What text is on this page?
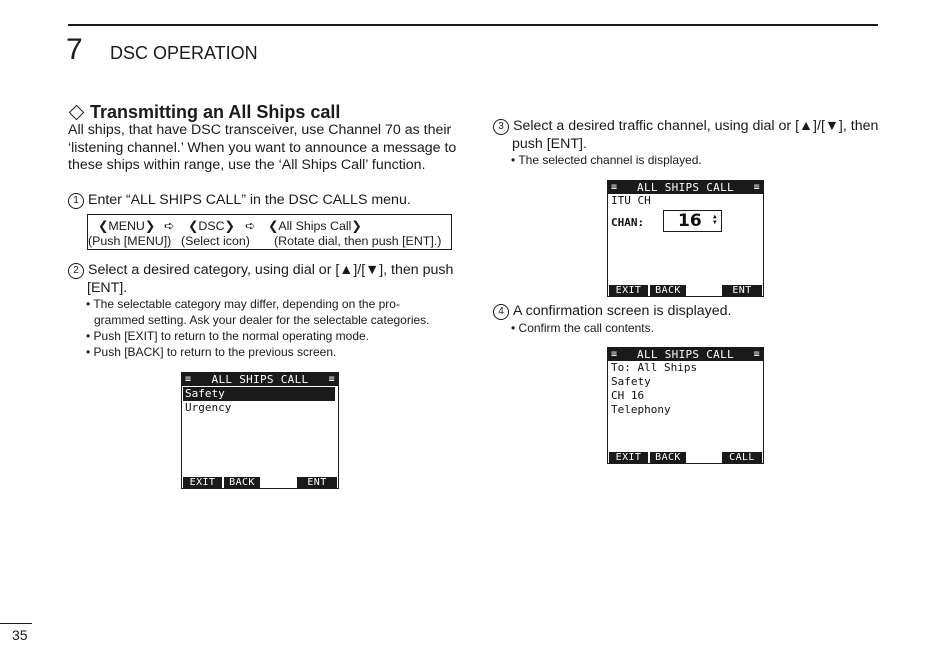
7 DSC OPERATION
Transmitting an All Ships call
All ships, that have DSC transceiver, use Channel 70 as their
‘listening channel.’ When you want to announce a message to
these ships within range, use the ‘All Ships Call’ function.
1 Enter “ALL SHIPS CALL” in the DSC CALLS menu.
❮MENU❯ ➪ ❮DSC❯ ➪ ❮All Ships Call❯
(Push [MENU]) (Select icon) (Rotate dial, then push [ENT].)
2 Select a desired category, using dial or [▲]/[▼], then push
[ENT].
• The selectable category may differ, depending on the pro-
grammed setting. Ask your dealer for the selectable categories.
• Push [EXIT] to return to the normal operating mode.
• Push [BACK] to return to the previous screen.
≡ ALL SHIPS CALL ≡
Safety
Urgency
EXIT	BACK	ENT
3 Select a desired traffic channel, using dial or [▲]/[▼], then
push [ENT].
• The selected channel is displayed.
≡ ALL SHIPS CALL ≡
ITU CH
CHAN: 16 ▲▼
EXIT	BACK	ENT
4 A confirmation screen is displayed.
• Confirm the call contents.
≡ ALL SHIPS CALL ≡
To: All Ships
Safety
CH 16
Telephony
EXIT	BACK	CALL
35
